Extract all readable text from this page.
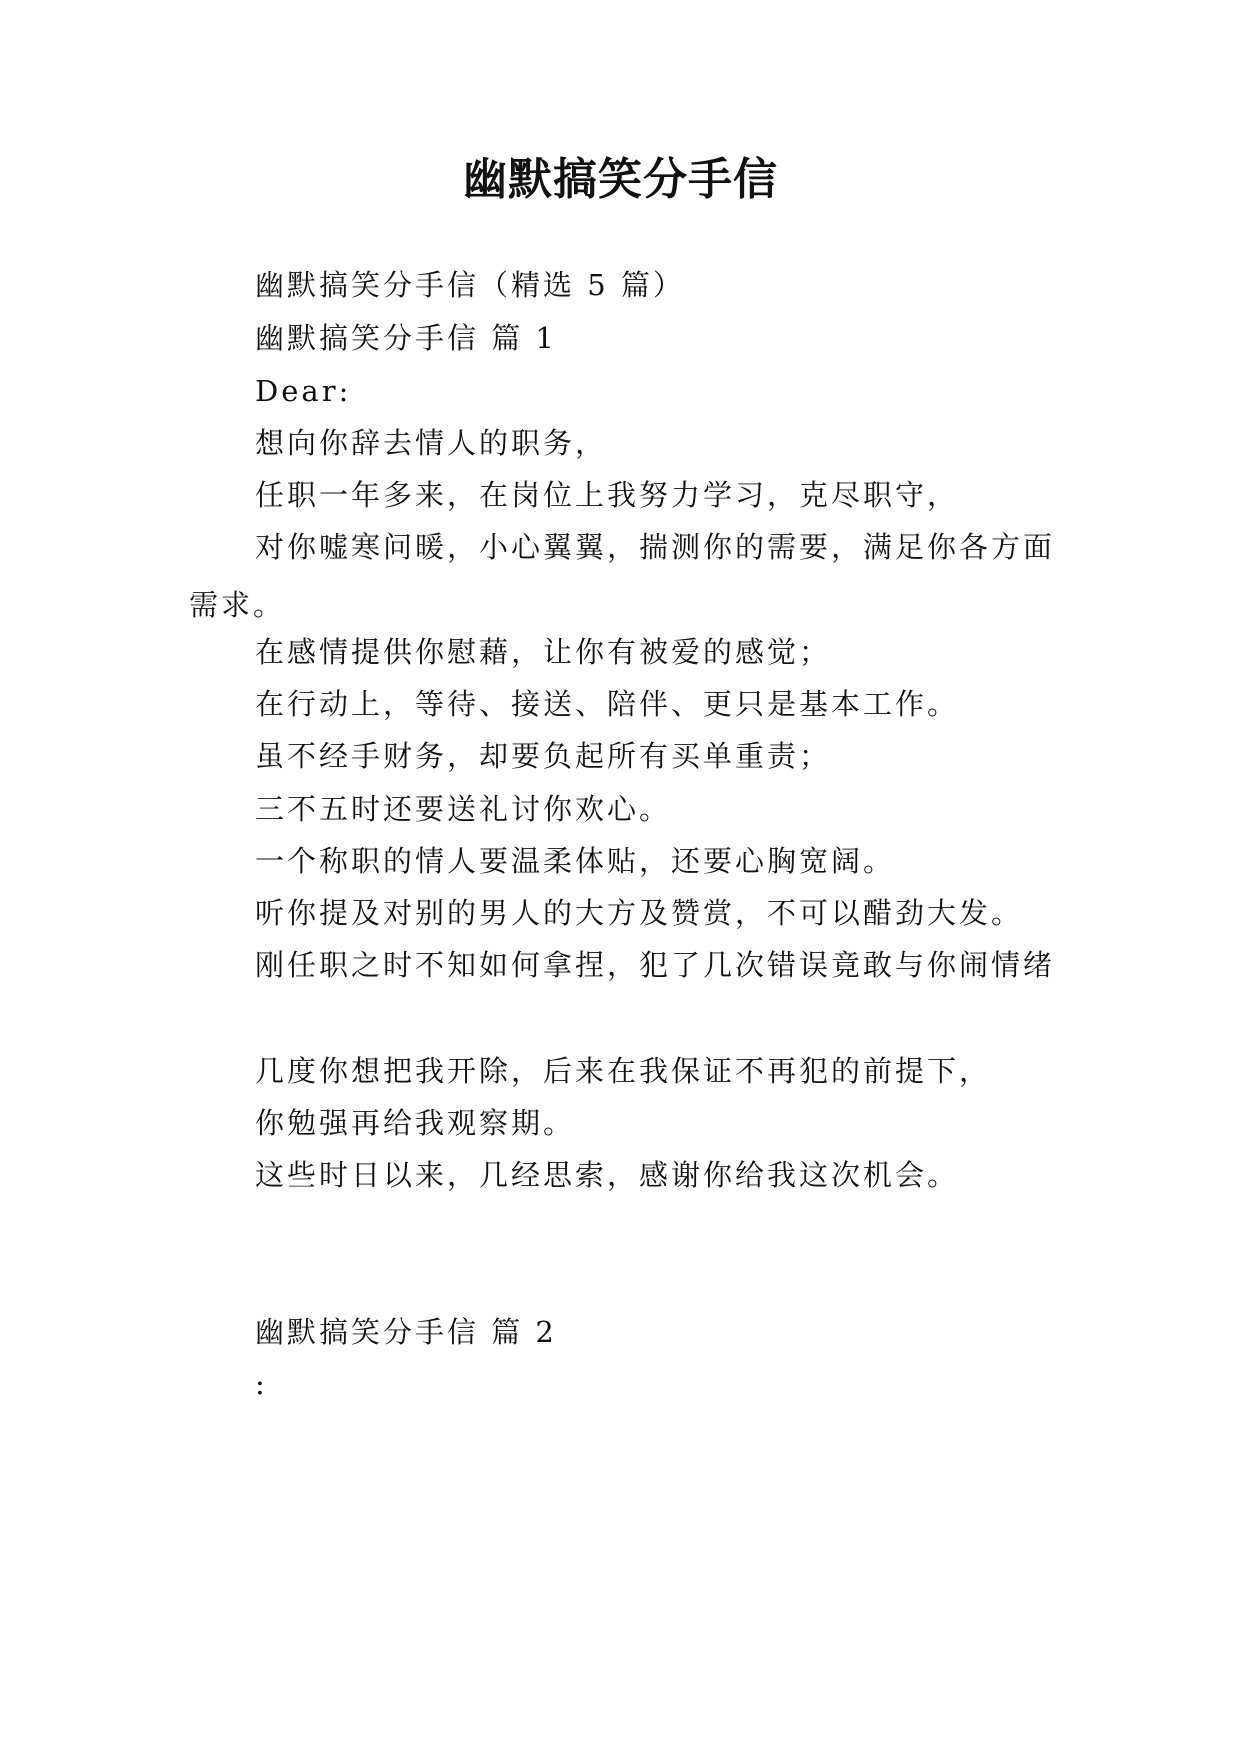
幽默搞笑分手信
幽默搞笑分手信（精选 5 篇）
幽默搞笑分手信 篇 1
Dear:
想向你辞去情人的职务，
任职一年多来，在岗位上我努力学习，克尽职守，
对你嘘寒问暖，小心翼翼，揣测你的需要，满足你各方面需求。
在感情提供你慰藉，让你有被爱的感觉；
在行动上，等待、接送、陪伴、更只是基本工作。
虽不经手财务，却要负起所有买单重责；
三不五时还要送礼讨你欢心。
一个称职的情人要温柔体贴，还要心胸宽阔。
听你提及对别的男人的大方及赞赏，不可以醋劲大发。
刚任职之时不知如何拿捏，犯了几次错误竟敢与你闹情绪
几度你想把我开除，后来在我保证不再犯的前提下，
你勉强再给我观察期。
这些时日以来，几经思索，感谢你给我这次机会。
幽默搞笑分手信 篇 2
:
